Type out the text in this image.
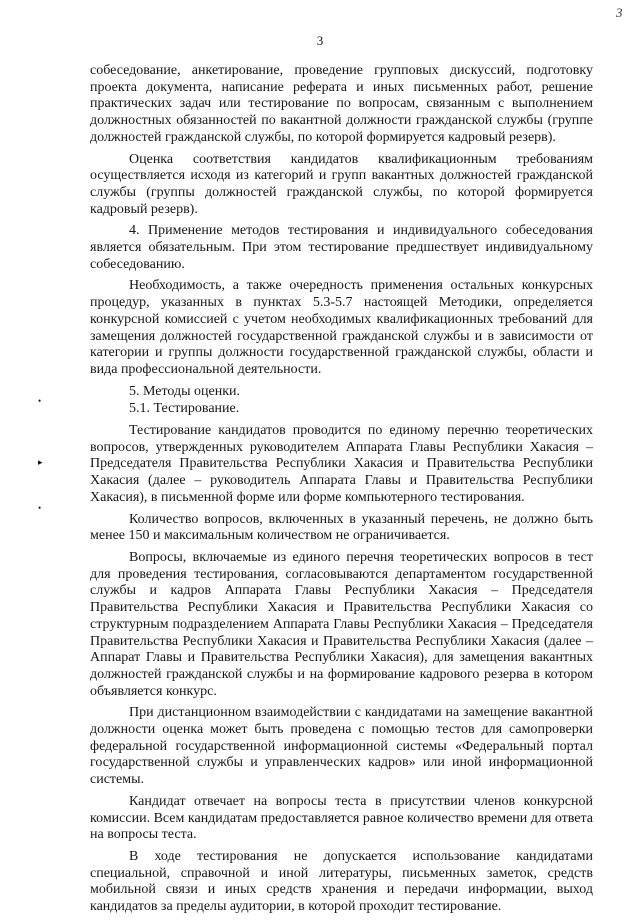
3
3
•
▸
•

собеседование, анкетирование, проведение групповых дискуссий, подготовку проекта документа, написание реферата и иных письменных работ, решение практических задач или тестирование по вопросам, связанным с выполнением должностных обязанностей по вакантной должности гражданской службы (группе должностей гражданской службы, по которой формируется кадровый резерв).

Оценка соответствия кандидатов квалификационным требованиям осуществляется исходя из категорий и групп вакантных должностей гражданской службы (группы должностей гражданской службы, по которой формируется кадровый резерв).

4. Применение методов тестирования и индивидуального собеседования является обязательным. При этом тестирование предшествует индивидуальному собеседованию.

Необходимость, а также очередность применения остальных конкурсных процедур, указанных в пунктах 5.3-5.7 настоящей Методики, определяется конкурсной комиссией с учетом необходимых квалификационных требований для замещения должностей государственной гражданской службы и в зависимости от категории и группы должности государственной гражданской службы, области и вида профессиональной деятельности.

5. Методы оценки.

5.1. Тестирование.

Тестирование кандидатов проводится по единому перечню теоретических вопросов, утвержденных руководителем Аппарата Главы Республики Хакасия – Председателя Правительства Республики Хакасия и Правительства Республики Хакасия (далее – руководитель Аппарата Главы и Правительства Республики Хакасия), в письменной форме или форме компьютерного тестирования.

Количество вопросов, включенных в указанный перечень, не должно быть менее 150 и максимальным количеством не ограничивается.

Вопросы, включаемые из единого перечня теоретических вопросов в тест для проведения тестирования, согласовываются департаментом государственной службы и кадров Аппарата Главы Республики Хакасия – Председателя Правительства Республики Хакасия и Правительства Республики Хакасия со структурным подразделением Аппарата Главы Республики Хакасия – Председателя Правительства Республики Хакасия и Правительства Республики Хакасия (далее – Аппарат Главы и Правительства Республики Хакасия), для замещения вакантных должностей гражданской службы и на формирование кадрового резерва в котором объявляется конкурс.

При дистанционном взаимодействии с кандидатами на замещение вакантной должности оценка может быть проведена с помощью тестов для самопроверки федеральной государственной информационной системы «Федеральный портал государственной службы и управленческих кадров» или иной информационной системы.

Кандидат отвечает на вопросы теста в присутствии членов конкурсной комиссии. Всем кандидатам предоставляется равное количество времени для ответа на вопросы теста.

В ходе тестирования не допускается использование кандидатами специальной, справочной и иной литературы, письменных заметок, средств мобильной связи и иных средств хранения и передачи информации, выход кандидатов за пределы аудитории, в которой проходит тестирование.
